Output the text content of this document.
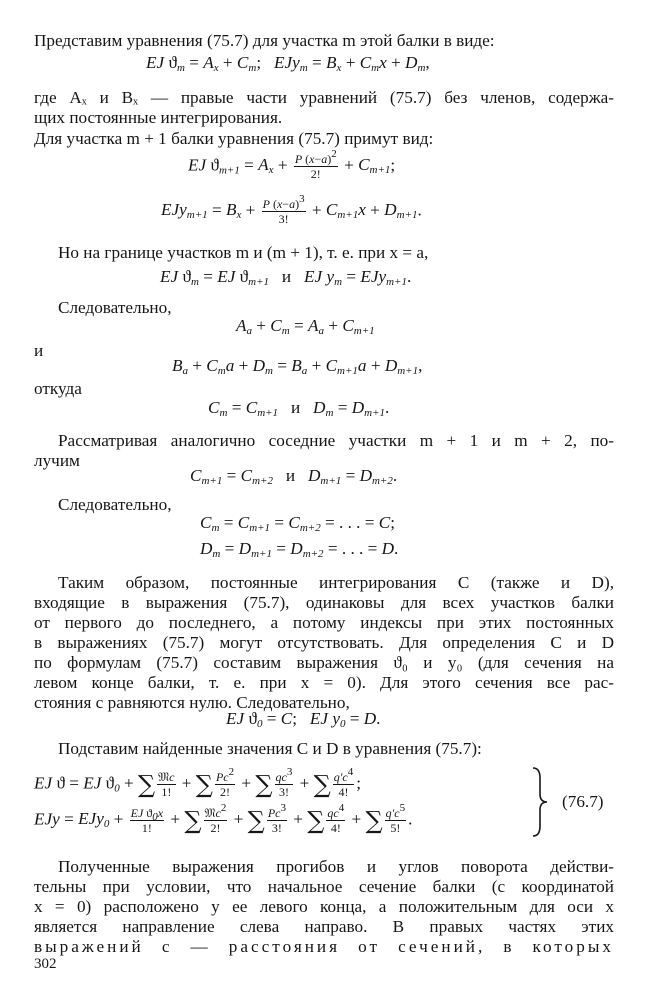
Представим уравнения (75.7) для участка m этой балки в виде:
EJ $ϑ_m = A_x + C_m$;   $EJy_m = B_x + C_mx + D_m$,
где Aₓ и Bₓ — правые части уравнений (75.7) без членов, содержа-
щих постоянные интегрирования.
Для участка m + 1 балки уравнения (75.7) примут вид:
EJ $ϑ_{m+1} = A_x + \frac{P (x-a)^2}{2!} + C_{m+1}$;
$EJy_{m+1} = B_x + \frac{P (x-a)^3}{3!} + C_{m+1}x + D_{m+1}$.
Но на границе участков m и (m + 1), т. е. при x = a,
EJ $ϑ_m$ = EJ $ϑ_{m+1}$   и   EJ $y_m = EJy_{m+1}$.
Следовательно,
$A_a + C_m = A_a + C_{m+1}$
и
$B_a + C_ma + D_m = B_a + C_{m+1}a + D_{m+1}$,
откуда
$C_m = C_{m+1}$   и   $D_m = D_{m+1}$.
Рассматривая аналогично соседние участки m + 1 и m + 2, по-
лучим
$C_{m+1} = C_{m+2}$   и   $D_{m+1} = D_{m+2}$.
Следовательно,
$C_m = C_{m+1} = C_{m+2}$ = . . . = C;
$D_m = D_{m+1} = D_{m+2}$ = . . . = D.
Таким образом, постоянные интегрирования C (также и D),
входящие в выражения (75.7), одинаковы для всех участков балки
от первого до последнего, а потому индексы при этих постоянных
в выражениях (75.7) могут отсутствовать. Для определения C и D
по формулам (75.7) составим выражения ϑ₀ и y₀ (для сечения на
левом конце балки, т. е. при x = 0). Для этого сечения все рас-
стояния c равняются нулю. Следовательно,
EJ $ϑ_0 = C$;   EJ $y_0 = D$.
Подставим найденные значения C и D в уравнения (75.7):
EJ ϑ = EJ $ϑ_0$ + ∑ $\frac{\text{𝔐c}}{1!}$ + ∑ $\frac{Pc^2}{2!}$ + ∑ $\frac{qc^3}{3!}$ + ∑ $\frac{q'c^4}{4!}$ ;
EJy = $EJy_0 + \frac{EJ ϑ_0x}{1!}$ + ∑ $\frac{𝔐c^2}{2!}$ + ∑ $\frac{Pc^3}{3!}$ + ∑ $\frac{qc^4}{4!}$ + ∑ $\frac{q'c^5}{5!}$ .
(76.7)
Полученные выражения прогибов и углов поворота действи-
тельны при условии, что начальное сечение балки (с координатой
x = 0) расположено у ее левого конца, а положительным для оси x
является направление слева направо. В правых частях этих
выражений c — расстояния от сечений, в которых
302
